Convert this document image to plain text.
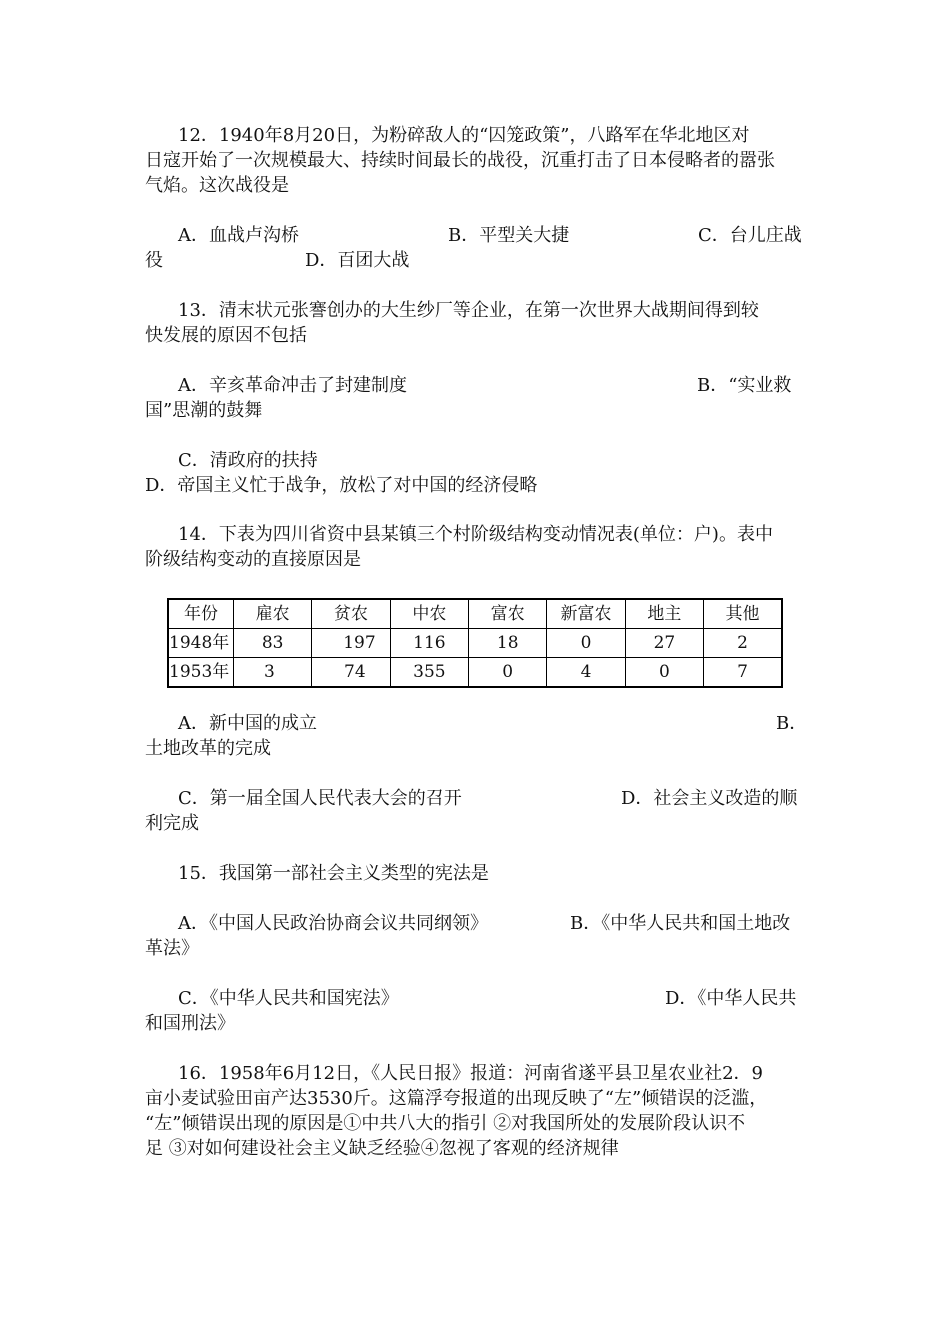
12．1940年8月20日，为粉碎敌人的“囚笼政策”，八路军在华北地区对
日寇开始了一次规模最大、持续时间最长的战役，沉重打击了日本侵略者的嚣张
气焰。这次战役是
A．血战卢沟桥	B．平型关大捷	C．台儿庄战
役	D．百团大战
13．清末状元张謇创办的大生纱厂等企业，在第一次世界大战期间得到较
快发展的原因不包括
A．辛亥革命冲击了封建制度	B．“实业救
国”思潮的鼓舞
C．清政府的扶持
D．帝国主义忙于战争，放松了对中国的经济侵略
14．下表为四川省资中县某镇三个村阶级结构变动情况表(单位：户)。表中
阶级结构变动的直接原因是
年份	雇农	贫农	中农	富农	新富农	地主	其他
1948年	83	197	116	18	0	27	2
1953年	3	74	355	0	4	0	7
A．新中国的成立	B．
土地改革的完成
C．第一届全国人民代表大会的召开	D．社会主义改造的顺
利完成
15．我国第一部社会主义类型的宪法是
A．《中国人民政治协商会议共同纲领》	B．《中华人民共和国土地改
革法》
C．《中华人民共和国宪法》	D．《中华人民共
和国刑法》
16．1958年6月12日，《人民日报》报道：河南省遂平县卫星农业社2．9
亩小麦试验田亩产达3530斤。这篇浮夸报道的出现反映了“左”倾错误的泛滥，
“左”倾错误出现的原因是①中共八大的指引 ②对我国所处的发展阶段认识不
足 ③对如何建设社会主义缺乏经验④忽视了客观的经济规律
